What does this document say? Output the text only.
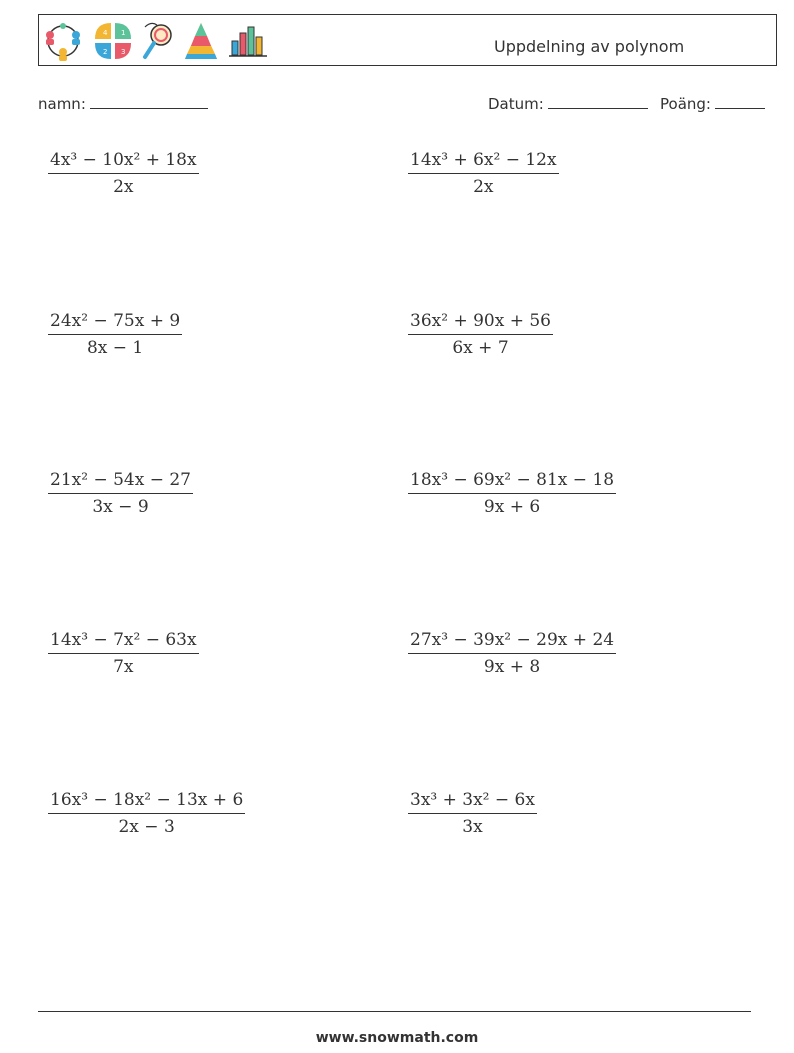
4 1
2 3	Uppdelning av polynom
namn:	Datum:	Poäng:
$\frac{\text{4x³ − 10x² + 18x}}{2x}$	$\frac{\text{14x³ + 6x² − 12x}}{2x}$
$\frac{\text{24x² − 75x + 9}}{8x - 1}$	$\frac{\text{36x² + 90x + 56}}{6x + 7}$
$\frac{\text{21x² − 54x − 27}}{3x - 9}$	$\frac{\text{18x³ − 69x² − 81x − 18}}{9x + 6}$
$\frac{\text{14x³ − 7x² − 63x}}{7x}$	$\frac{\text{27x³ − 39x² − 29x + 24}}{9x + 8}$
$\frac{\text{16x³ − 18x² − 13x + 6}}{2x - 3}$	$\frac{\text{3x³ + 3x² − 6x}}{3x}$
www.snowmath.com
